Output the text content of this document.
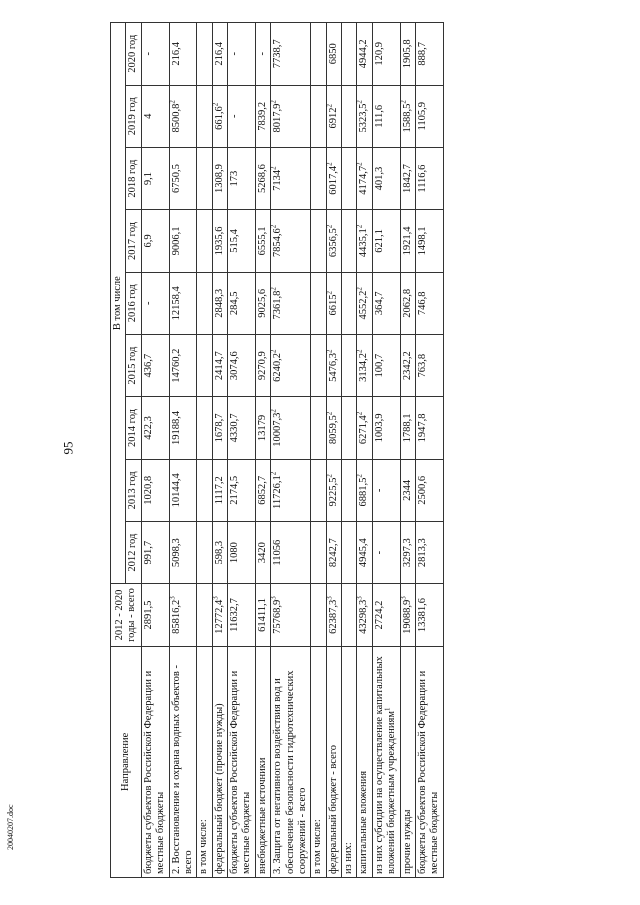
95
20040207.doc
Направление	2012 - 2020 годы - всего	В том числе								
		2012 год	2013 год	2014 год	2015 год	2016 год	2017 год	2018 год	2019 год	2020 год
бюджеты субъектов Российской Федерации и местные бюджеты	2891,5	991,7	1020,8	422,3	436,7	-	6,9	9,1	4	-
2. Восстановление и охрана водных объектов - всего	85816,2$^3$	5098,3	10144,4	19188,4	14760,2	12158,4	9006,1	6750,5	8500,8$^2$	216,4
в том числе:										
федеральный бюджет (прочие нужды)	12772,4$^3$	598,3	1117,2	1678,7	2414,7	2848,3	1935,6	1308,9	661,6$^2$	216,4
бюджеты субъектов Российской Федерации и местные бюджеты	11632,7	1080	2174,5	4330,7	3074,6	284,5	515,4	173	-	-
внебюджетные источники	61411,1	3420	6852,7	13179	9270,9	9025,6	6555,1	5268,6	7839,2	-
3. Защита от негативного воздействия вод и обеспечение безопасности гидротехнических сооружений - всего	75768,9$^3$	11056	11726,1$^2$	10007,3$^2$	6240,2$^2$	7361,8$^2$	7854,6$^2$	7134$^2$	8017,9$^2$	7738,7
в том числе:										
федеральный бюджет - всего	62387,3$^3$	8242,7	9225,5$^2$	8059,5$^2$	5476,3$^2$	6615$^2$	6356,5$^2$	6017,4$^2$	6912$^2$	6850
из них:										
капитальные вложения	43298,3$^3$	4945,4	6881,5$^2$	6271,4$^2$	3134,2$^2$	4552,2$^2$	4435,1$^2$	4174,7$^2$	5323,5$^2$	4944,2
из них субсидии на осуществление капитальных вложений бюджетным учреждениям$^1$	2724,2	-	-	1003,9	100,7	364,7	621,1	401,3	111,6	120,9
прочие нужды	19088,9$^3$	3297,3	2344	1788,1	2342,2	2062,8	1921,4	1842,7	1588,5$^2$	1905,8
бюджеты субъектов Российской Федерации и местные бюджеты	13381,6	2813,3	2500,6	1947,8	763,8	746,8	1498,1	1116,6	1105,9	888,7
